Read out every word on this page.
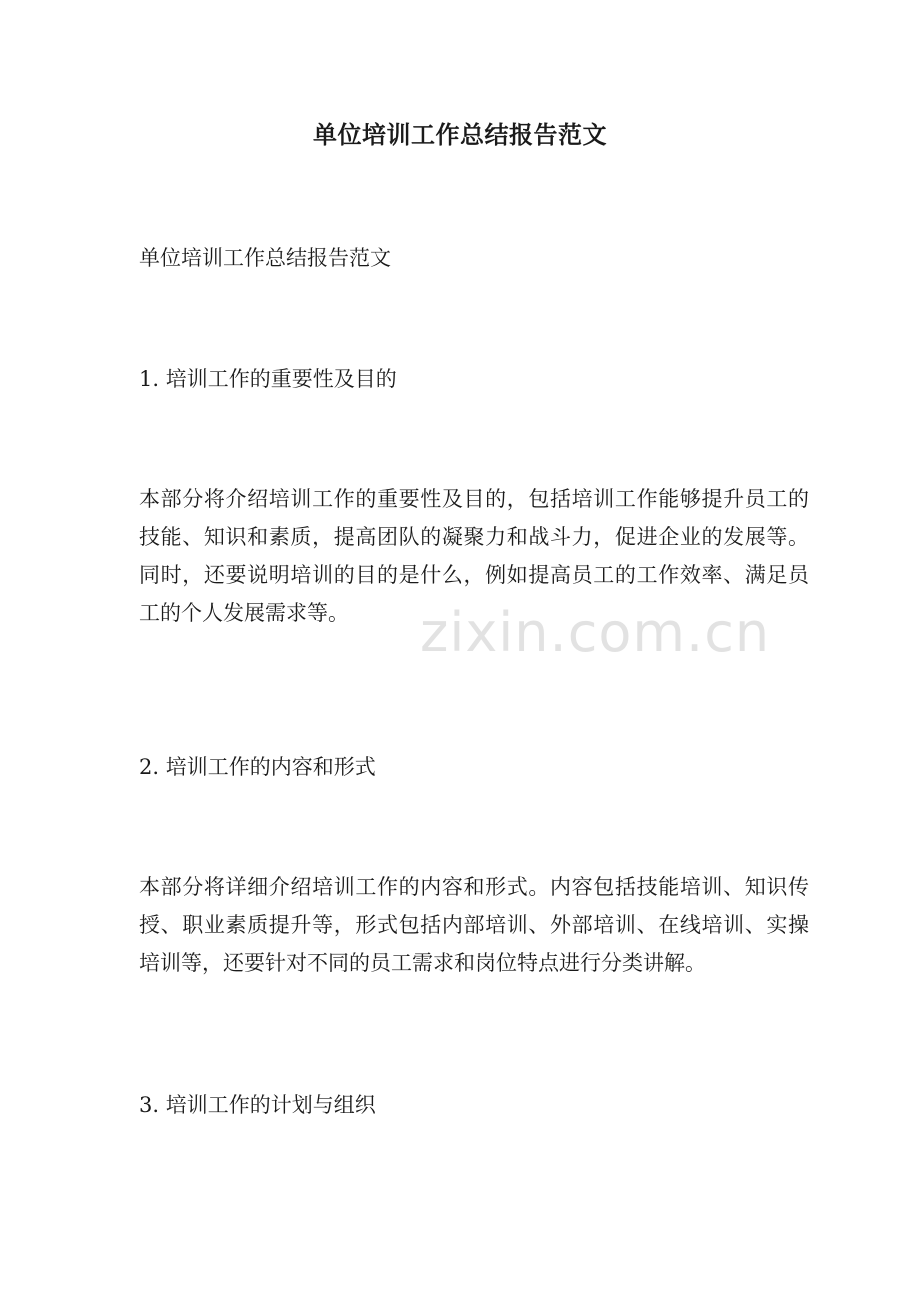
单位培训工作总结报告范文
单位培训工作总结报告范文
1. 培训工作的重要性及目的
本部分将介绍培训工作的重要性及目的，包括培训工作能够提升员工的技能、知识和素质，提高团队的凝聚力和战斗力，促进企业的发展等。同时，还要说明培训的目的是什么，例如提高员工的工作效率、满足员工的个人发展需求等。
2. 培训工作的内容和形式
本部分将详细介绍培训工作的内容和形式。内容包括技能培训、知识传授、职业素质提升等，形式包括内部培训、外部培训、在线培训、实操培训等，还要针对不同的员工需求和岗位特点进行分类讲解。
3. 培训工作的计划与组织
zixin.com.cn
